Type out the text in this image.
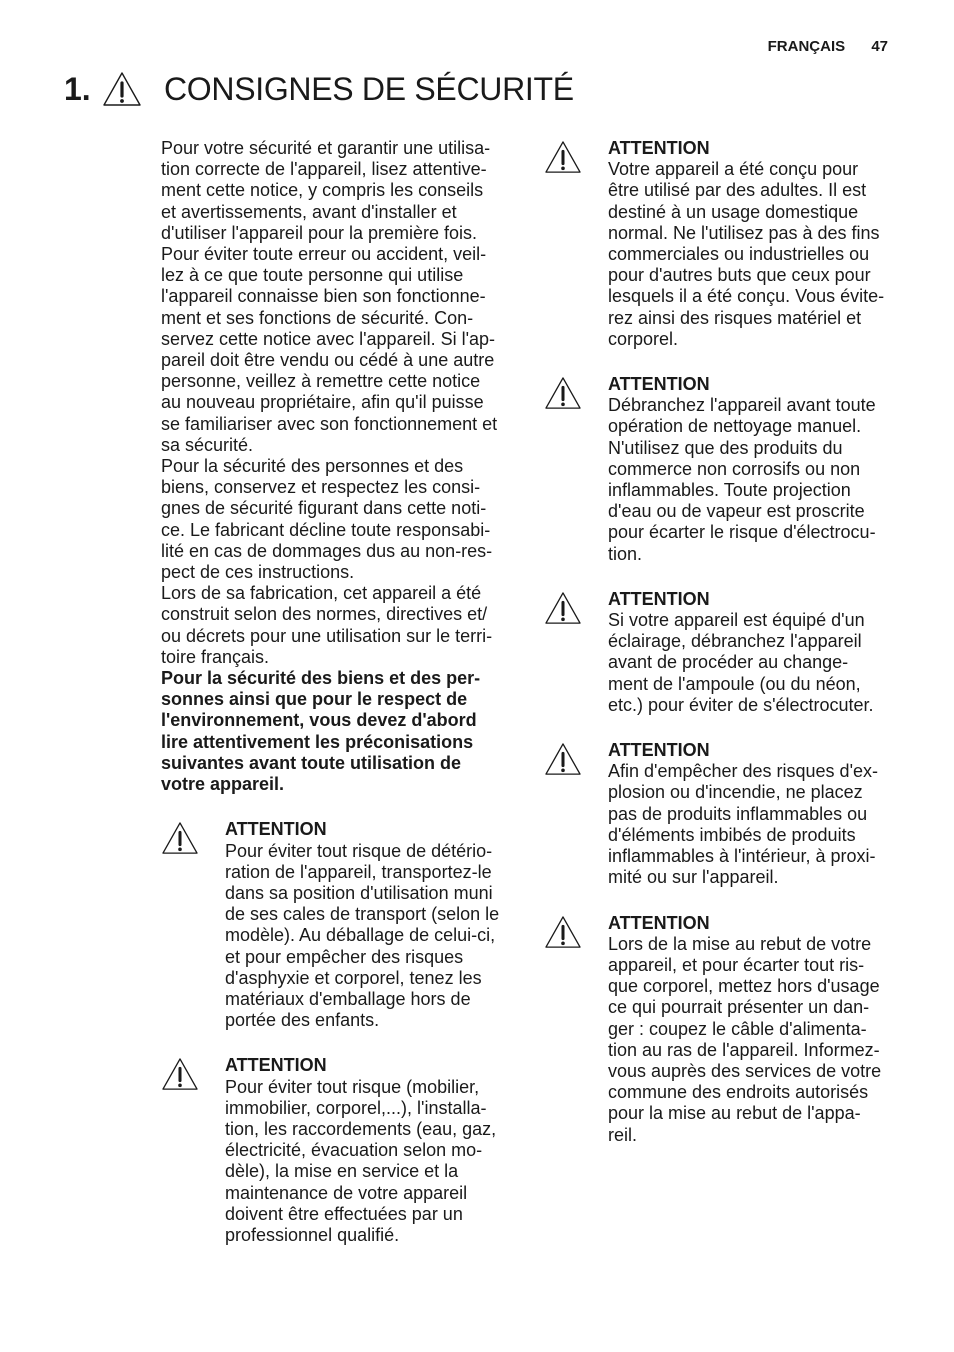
FRANÇAIS 47
1. CONSIGNES DE SÉCURITÉ

Pour votre sécurité et garantir une utilisa-
tion correcte de l'appareil, lisez attentive-
ment cette notice, y compris les conseils
et avertissements, avant d'installer et
d'utiliser l'appareil pour la première fois.
Pour éviter toute erreur ou accident, veil-
lez à ce que toute personne qui utilise
l'appareil connaisse bien son fonctionne-
ment et ses fonctions de sécurité. Con-
servez cette notice avec l'appareil. Si l'ap-
pareil doit être vendu ou cédé à une autre
personne, veillez à remettre cette notice
au nouveau propriétaire, afin qu'il puisse
se familiariser avec son fonctionnement et
sa sécurité.

Pour la sécurité des personnes et des
biens, conservez et respectez les consi-
gnes de sécurité figurant dans cette noti-
ce. Le fabricant décline toute responsabi-
lité en cas de dommages dus au non-res-
pect de ces instructions.

Lors de sa fabrication, cet appareil a été
construit selon des normes, directives et/
ou décrets pour une utilisation sur le terri-
toire français.

Pour la sécurité des biens et des per-
sonnes ainsi que pour le respect de
l'environnement, vous devez d'abord
lire attentivement les préconisations
suivantes avant toute utilisation de
votre appareil.

ATTENTION
Pour éviter tout risque de détério-
ration de l'appareil, transportez-le
dans sa position d'utilisation muni
de ses cales de transport (selon le
modèle). Au déballage de celui-ci,
et pour empêcher des risques
d'asphyxie et corporel, tenez les
matériaux d'emballage hors de
portée des enfants.
ATTENTION
Pour éviter tout risque (mobilier,
immobilier, corporel,...), l'installa-
tion, les raccordements (eau, gaz,
électricité, évacuation selon mo-
dèle), la mise en service et la
maintenance de votre appareil
doivent être effectuées par un
professionnel qualifié.
ATTENTION
Votre appareil a été conçu pour
être utilisé par des adultes. Il est
destiné à un usage domestique
normal. Ne l'utilisez pas à des fins
commerciales ou industrielles ou
pour d'autres buts que ceux pour
lesquels il a été conçu. Vous évite-
rez ainsi des risques matériel et
corporel.
ATTENTION
Débranchez l'appareil avant toute
opération de nettoyage manuel.
N'utilisez que des produits du
commerce non corrosifs ou non
inflammables. Toute projection
d'eau ou de vapeur est proscrite
pour écarter le risque d'électrocu-
tion.
ATTENTION
Si votre appareil est équipé d'un
éclairage, débranchez l'appareil
avant de procéder au change-
ment de l'ampoule (ou du néon,
etc.) pour éviter de s'électrocuter.
ATTENTION
Afin d'empêcher des risques d'ex-
plosion ou d'incendie, ne placez
pas de produits inflammables ou
d'éléments imbibés de produits
inflammables à l'intérieur, à proxi-
mité ou sur l'appareil.
ATTENTION
Lors de la mise au rebut de votre
appareil, et pour écarter tout ris-
que corporel, mettez hors d'usage
ce qui pourrait présenter un dan-
ger : coupez le câble d'alimenta-
tion au ras de l'appareil. Informez-
vous auprès des services de votre
commune des endroits autorisés
pour la mise au rebut de l'appa-
reil.
